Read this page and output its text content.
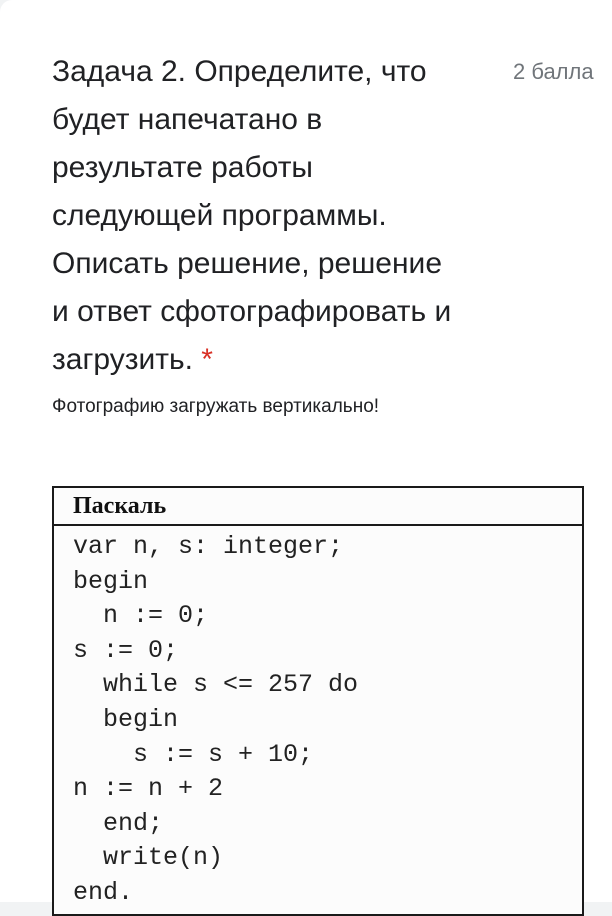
Задача 2. Определите, что
будет напечатано в
результате работы
следующей программы.
Описать решение, решение
и ответ сфотографировать и
загрузить. *
2 балла
Фотографию загружать вертикально!
Паскаль
var n, s: integer;
begin
n := 0;
s := 0;
while s <= 257 do
begin
s := s + 10;
n := n + 2
end;
write(n)
end.
